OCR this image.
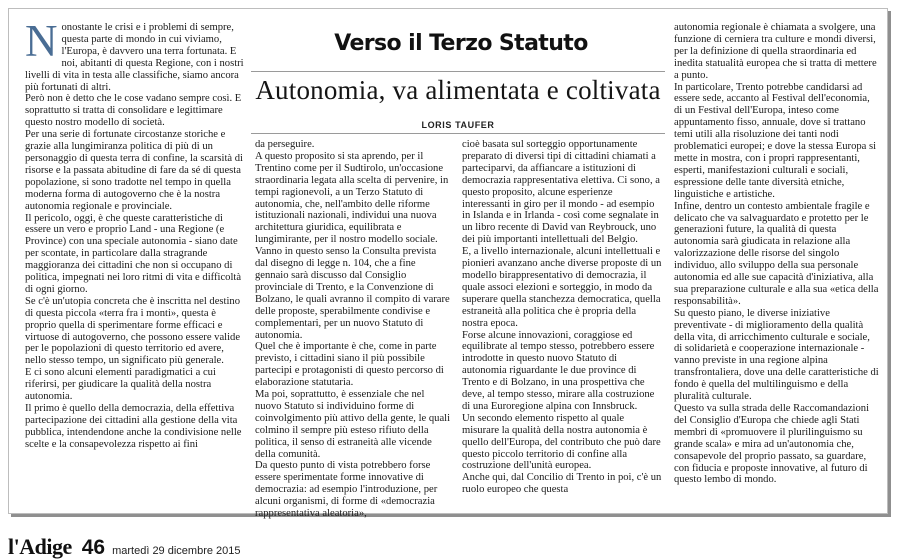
Nonostante le crisi e i problemi di sempre, questa parte di mondo in cui viviamo, l'Europa, è davvero una terra fortunata. E noi, abitanti di questa Regione, con i nostri livelli di vita in testa alle classifiche, siamo ancora più fortunati di altri.

Però non è detto che le cose vadano sempre così. E soprattutto si tratta di consolidare e legittimare questo nostro modello di società.

Per una serie di fortunate circostanze storiche e grazie alla lungimiranza politica di più di un personaggio di questa terra di confine, la scarsità di risorse e la passata abitudine di fare da sé di questa popolazione, si sono tradotte nel tempo in quella moderna forma di autogoverno che è la nostra autonomia regionale e provinciale.

Il pericolo, oggi, è che queste caratteristiche di essere un vero e proprio Land - una Regione (e Province) con una speciale autonomia - siano date per scontate, in particolare dalla stragrande maggioranza dei cittadini che non si occupano di politica, impegnati nei loro ritmi di vita e difficoltà di ogni giorno.

Se c'è un'utopia concreta che è inscritta nel destino di questa piccola «terra fra i monti», questa è proprio quella di sperimentare forme efficaci e virtuose di autogoverno, che possono essere valide per le popolazioni di questo territorio ed avere, nello stesso tempo, un significato più generale.

E ci sono alcuni elementi paradigmatici a cui riferirsi, per giudicare la qualità della nostra autonomia.

Il primo è quello della democrazia, della effettiva partecipazione dei cittadini alla gestione della vita pubblica, intendendone anche la condivisione nelle scelte e la consapevolezza rispetto ai fini

Verso il Terzo Statuto
Autonomia, va alimentata e coltivata
LORIS TAUFER

da perseguire.

A questo proposito si sta aprendo, per il Trentino come per il Sudtirolo, un'occasione straordinaria legata alla scelta di pervenire, in tempi ragionevoli, a un Terzo Statuto di autonomia, che, nell'ambito delle riforme istituzionali nazionali, individui una nuova architettura giuridica, equilibrata e lungimirante, per il nostro modello sociale.

Vanno in questo senso la Consulta prevista dal disegno di legge n. 104, che a fine gennaio sarà discusso dal Consiglio provinciale di Trento, e la Convenzione di Bolzano, le quali avranno il compito di varare delle proposte, sperabilmente condivise e complementari, per un nuovo Statuto di autonomia.

Quel che è importante è che, come in parte previsto, i cittadini siano il più possibile partecipi e protagonisti di questo percorso di elaborazione statutaria.

Ma poi, soprattutto, è essenziale che nel nuovo Statuto si individuino forme di coinvolgimento più attivo della gente, le quali colmino il sempre più esteso rifiuto della politica, il senso di estraneità alle vicende della comunità.

Da questo punto di vista potrebbero forse essere sperimentate forme innovative di democrazia: ad esempio l'introduzione, per alcuni organismi, di forme di «democrazia rappresentativa aleatoria»,

cioè basata sul sorteggio opportunamente preparato di diversi tipi di cittadini chiamati a parteciparvi, da affiancare a istituzioni di democrazia rappresentativa elettiva. Ci sono, a questo proposito, alcune esperienze interessanti in giro per il mondo - ad esempio in Islanda e in Irlanda - così come segnalate in un libro recente di David van Reybrouck, uno dei più importanti intellettuali del Belgio.

E, a livello internazionale, alcuni intellettuali e pionieri avanzano anche diverse proposte di un modello birappresentativo di democrazia, il quale associ elezioni e sorteggio, in modo da superare quella stanchezza democratica, quella estraneità alla politica che è propria della nostra epoca.

Forse alcune innovazioni, coraggiose ed equilibrate al tempo stesso, potrebbero essere introdotte in questo nuovo Statuto di autonomia riguardante le due province di Trento e di Bolzano, in una prospettiva che deve, al tempo stesso, mirare alla costruzione di una Euroregione alpina con Innsbruck.

Un secondo elemento rispetto al quale misurare la qualità della nostra autonomia è quello dell'Europa, del contributo che può dare questo piccolo territorio di confine alla costruzione dell'unità europea.

Anche qui, dal Concilio di Trento in poi, c'è un ruolo europeo che questa

autonomia regionale è chiamata a svolgere, una funzione di cerniera tra culture e mondi diversi, per la definizione di quella straordinaria ed inedita statualità europea che si tratta di mettere a punto.

In particolare, Trento potrebbe candidarsi ad essere sede, accanto al Festival dell'economia, di un Festival dell'Europa, inteso come appuntamento fisso, annuale, dove si trattano temi utili alla risoluzione dei tanti nodi problematici europei; e dove la stessa Europa si mette in mostra, con i propri rappresentanti, esperti, manifestazioni culturali e sociali, espressione delle tante diversità etniche, linguistiche e artistiche.

Infine, dentro un contesto ambientale fragile e delicato che va salvaguardato e protetto per le generazioni future, la qualità di questa autonomia sarà giudicata in relazione alla valorizzazione delle risorse del singolo individuo, allo sviluppo della sua personale autonomia ed alle sue capacità d'iniziativa, alla sua preparazione culturale e alla sua «etica della responsabilità».

Su questo piano, le diverse iniziative preventivate - di miglioramento della qualità della vita, di arricchimento culturale e sociale, di solidarietà e cooperazione internazionale - vanno previste in una regione alpina transfrontaliera, dove una delle caratteristiche di fondo è quella del multilinguismo e della pluralità culturale.

Questo va sulla strada delle Raccomandazioni del Consiglio d'Europa che chiede agli Stati membri di «promuovere il plurilinguismo su grande scala» e mira ad un'autonomia che, consapevole del proprio passato, sa guardare, con fiducia e proposte innovative, al futuro di questo lembo di mondo.

l'Adige 46 martedì 29 dicembre 2015
